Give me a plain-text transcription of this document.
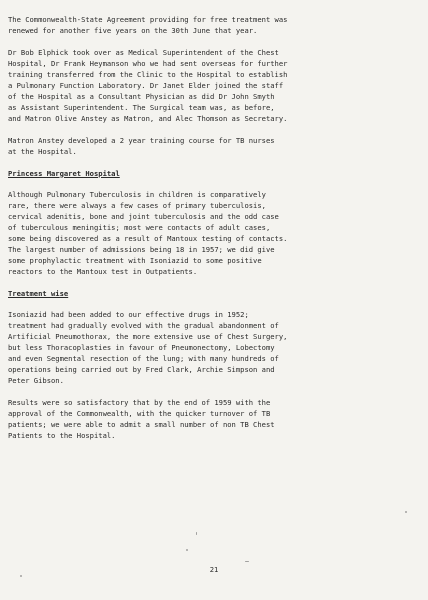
The Commonwealth-State Agreement providing for free treatment was
renewed for another five years on the 30th June that year.

Dr Bob Elphick took over as Medical Superintendent of the Chest
Hospital, Dr Frank Heymanson who we had sent overseas for further
training transferred from the Clinic to the Hospital to establish
a Pulmonary Function Laboratory. Dr Janet Elder joined the staff
of the Hospital as a Consultant Physician as did Dr John Smyth
as Assistant Superintendent. The Surgical team was, as before,
and Matron Olive Anstey as Matron, and Alec Thomson as Secretary.

Matron Anstey developed a 2 year training course for TB nurses
at the Hospital.

Princess Margaret Hospital

Although Pulmonary Tuberculosis in children is comparatively
rare, there were always a few cases of primary tuberculosis,
cervical adenitis, bone and joint tuberculosis and the odd case
of tuberculous meningitis; most were contacts of adult cases,
some being discovered as a result of Mantoux testing of contacts.
The largest number of admissions being 18 in 1957; we did give
some prophylactic treatment with Isoniazid to some positive
reactors to the Mantoux test in Outpatients.

Treatment wise

Isoniazid had been added to our effective drugs in 1952;
treatment had gradually evolved with the gradual abandonment of
Artificial Pneumothorax, the more extensive use of Chest Surgery,
but less Thoracoplasties in favour of Pneumonectomy, Lobectomy
and even Segmental resection of the lung; with many hundreds of
operations being carried out by Fred Clark, Archie Simpson and
Peter Gibson.

Results were so satisfactory that by the end of 1959 with the
approval of the Commonwealth, with the quicker turnover of TB
patients; we were able to admit a small number of non TB Chest
Patients to the Hospital.

21
